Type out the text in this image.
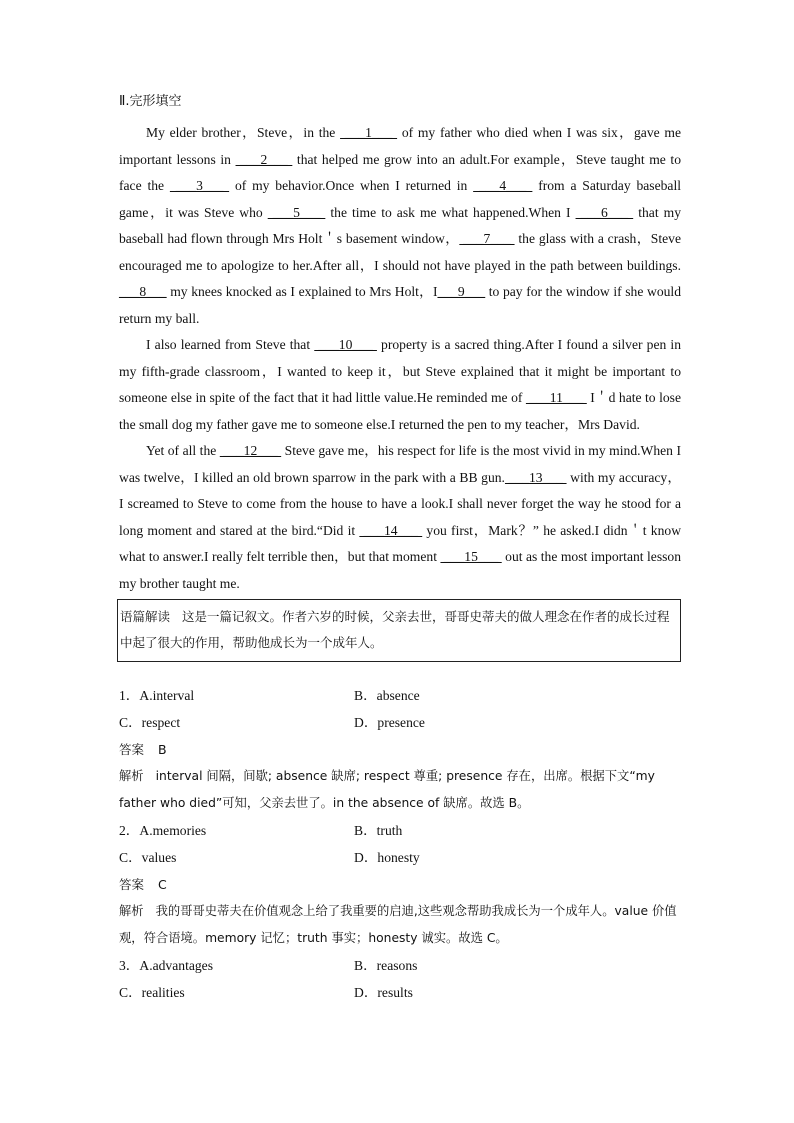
Ⅱ.完形填空

My elder brother，Steve，in the  ___1___  of my father who died when I was six，gave me important lessons in  ___2___  that helped me grow into an adult.For example，Steve taught me to face the  ___3___  of my behavior.Once when I returned in  ___4___  from a Saturday baseball game，it was Steve who  ___5___  the time to ask me what happened.When I  ___6___  that my baseball had flown through Mrs Holt＇s basement window， ___7___  the glass with a crash，Steve encouraged me to apologize to her.After all，I should not have played in the path between buildings. ___8___ my knees knocked as I explained to Mrs Holt，I___9___ to pay for the window if she would return my ball.

I also learned from Steve that  ___10___  property is a sacred thing.After I found a silver pen in my fifth-grade classroom，I wanted to keep it，but Steve explained that it might be important to someone else in spite of the fact that it had little value.He reminded me of  ___11___  I＇d hate to lose the small dog my father gave me to someone else.I returned the pen to my teacher，Mrs David.

Yet of all the  ___12___  Steve gave me，his respect for life is the most vivid in my mind.When I was twelve，I killed an old brown sparrow in the park with a BB gun. ___13___  with my accuracy，I screamed to Steve to come from the house to have a look.I shall never forget the way he stood for a long moment and stared at the bird.“Did it  ___14___  you first，Mark？” he asked.I didn＇t know what to answer.I really felt terrible then，but that moment  ___15___  out as the most important lesson my brother taught me.

语篇解读 这是一篇记叙文。作者六岁的时候，父亲去世，哥哥史蒂夫的做人理念在作者的成长过程中起了很大的作用，帮助他成长为一个成年人。
1．A.interval	B．absence
C．respect	D．presence
答案 B
解析 interval 间隔，间歇; absence 缺席; respect 尊重; presence 存在，出席。根据下文“my father who died”可知，父亲去世了。in the absence of 缺席。故选 B。
2．A.memories	B．truth
C．values	D．honesty
答案 C
解析 我的哥哥史蒂夫在价值观念上给了我重要的启迪,这些观念帮助我成长为一个成年人。value 价值观，符合语境。memory 记忆；truth 事实；honesty 诚实。故选 C。
3．A.advantages	B．reasons
C．realities	D．results
